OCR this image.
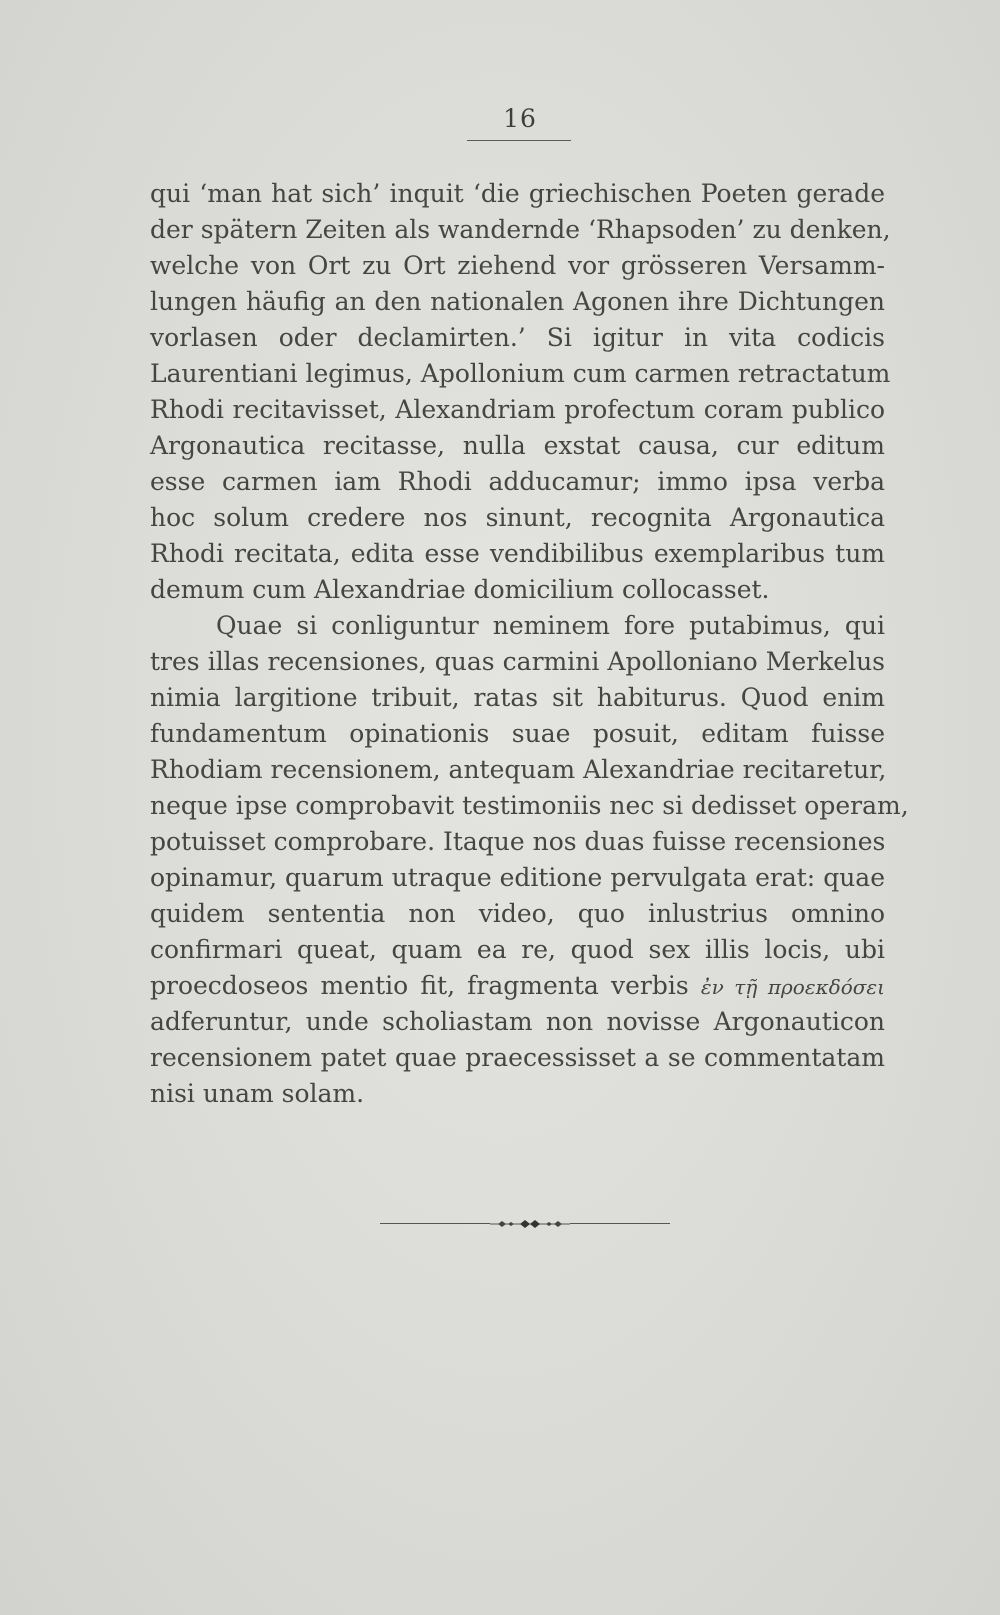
16
qui ‘man hat sich’ inquit ‘die griechischen Poeten gerade
der spätern Zeiten als wandernde ‘Rhapsoden’ zu denken,
welche von Ort zu Ort ziehend vor grösseren Versamm-
lungen häufig an den nationalen Agonen ihre Dichtungen
vorlasen oder declamirten.’ Si igitur in vita codicis
Laurentiani legimus, Apollonium cum carmen retractatum
Rhodi recitavisset, Alexandriam profectum coram publico
Argonautica recitasse, nulla exstat causa, cur editum
esse carmen iam Rhodi adducamur; immo ipsa verba
hoc solum credere nos sinunt, recognita Argonautica
Rhodi recitata, edita esse vendibilibus exemplaribus tum
demum cum Alexandriae domicilium collocasset.
Quae si conliguntur neminem fore putabimus, qui
tres illas recensiones, quas carmini Apolloniano Merkelus
nimia largitione tribuit, ratas sit habiturus. Quod enim
fundamentum opinationis suae posuit, editam fuisse
Rhodiam recensionem, antequam Alexandriae recitaretur,
neque ipse comprobavit testimoniis nec si dedisset operam,
potuisset comprobare. Itaque nos duas fuisse recensiones
opinamur, quarum utraque editione pervulgata erat: quae
quidem sententia non video, quo inlustrius omnino
confirmari queat, quam ea re, quod sex illis locis, ubi
proecdoseos mentio fit, fragmenta verbis ἐν τῇ προεκδόσει
adferuntur, unde scholiastam non novisse Argonauticon
recensionem patet quae praecessisset a se commentatam
nisi unam solam.
